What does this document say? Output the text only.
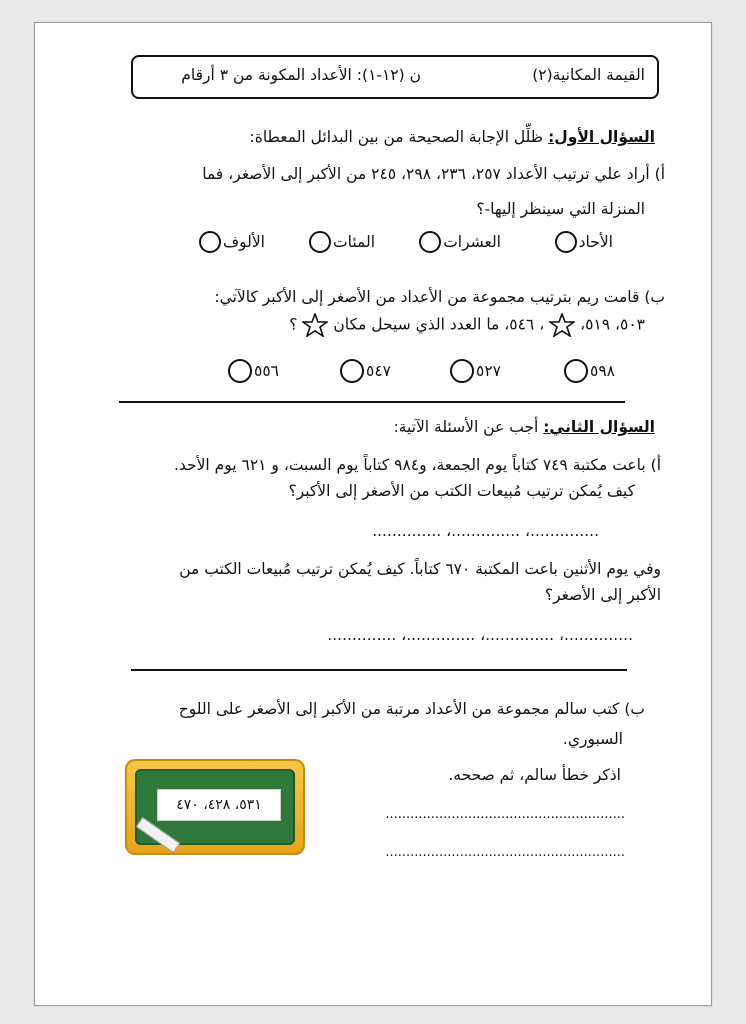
القيمة المكانية(٢)
ن (١٢-١): الأعداد المكونة من ٣ أرقام
السؤال الأول: ظلِّل الإجابة الصحيحة من بين البدائل المعطاة:
أ) أراد علي ترتيب الأعداد ٢٥٧، ٢٣٦، ٢٩٨، ٢٤٥ من الأكبر إلى الأصغر، فما
المنزلة التي سينظر إليها-؟
الأحاد
العشرات
المئات
الألوف
ب) قامت ريم بترتيب مجموعة من الأعداد من الأصغر إلى الأكبر كالآتي:
٥٠٣، ٥١٩،  ، ٥٤٦، ما العدد الذي سيحل مكان  ؟
٥٩٨
٥٢٧
٥٤٧
٥٥٦
السؤال الثاني: أجب عن الأسئلة الآتية:
أ) باعت مكتبة ٧٤٩ كتاباً يوم الجمعة، و٩٨٤ كتاباً يوم السبت، و ٦٢١ يوم الأحد.
كيف يُمكن ترتيب مُبيعات الكتب من الأصغر إلى الأكبر؟
..............، ..............، ..............
وفي يوم الأثنين باعت المكتبة ٦٧٠ كتاباً. كيف يُمكن ترتيب مُبيعات الكتب من
الأكبر إلى الأصغر؟
..............، ..............، ..............، ..............
ب) كتب سالم مجموعة من الأعداد مرتبة من الأكبر إلى الأصغر على اللوح
السبوري.
اذكر خطأ سالم، ثم صححه.
..........................................................
..........................................................
٥٣١، ٤٢٨، ٤٧٠
